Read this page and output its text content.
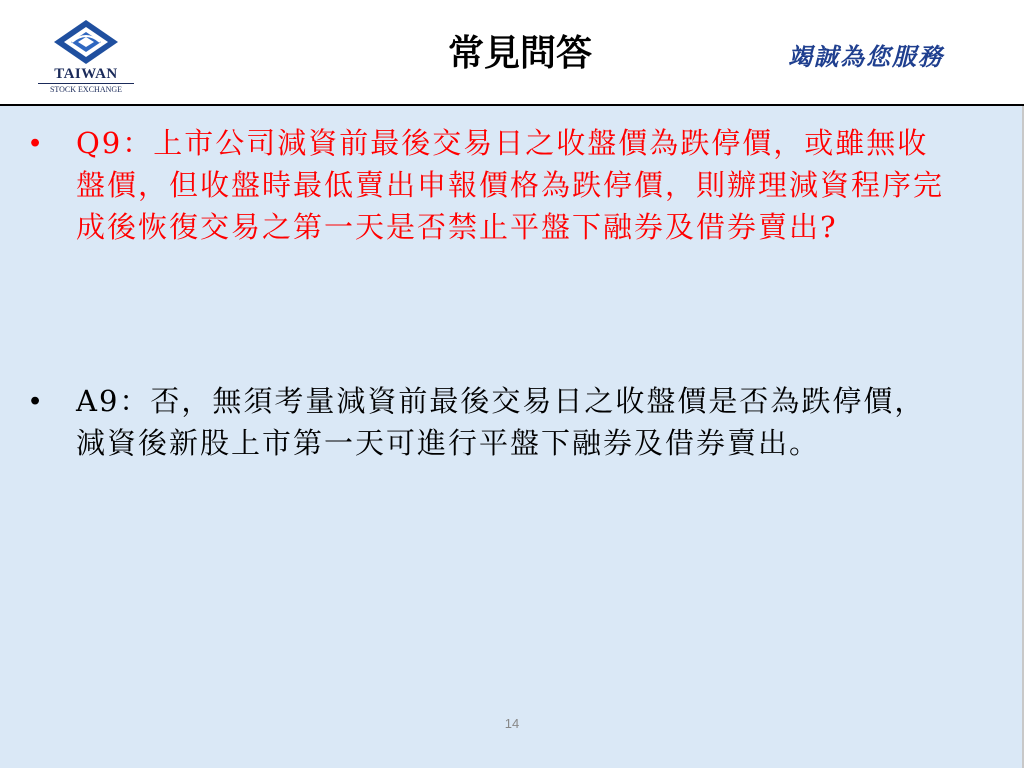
TAIWAN
STOCK EXCHANGE
常見問答	竭誠為您服務
• Q9：上市公司減資前最後交易日之收盤價為跌停價，或雖無收盤價，但收盤時最低賣出申報價格為跌停價，則辦理減資程序完成後恢復交易之第一天是否禁止平盤下融券及借券賣出?
• A9：否，無須考量減資前最後交易日之收盤價是否為跌停價，減資後新股上市第一天可進行平盤下融券及借券賣出。
14
